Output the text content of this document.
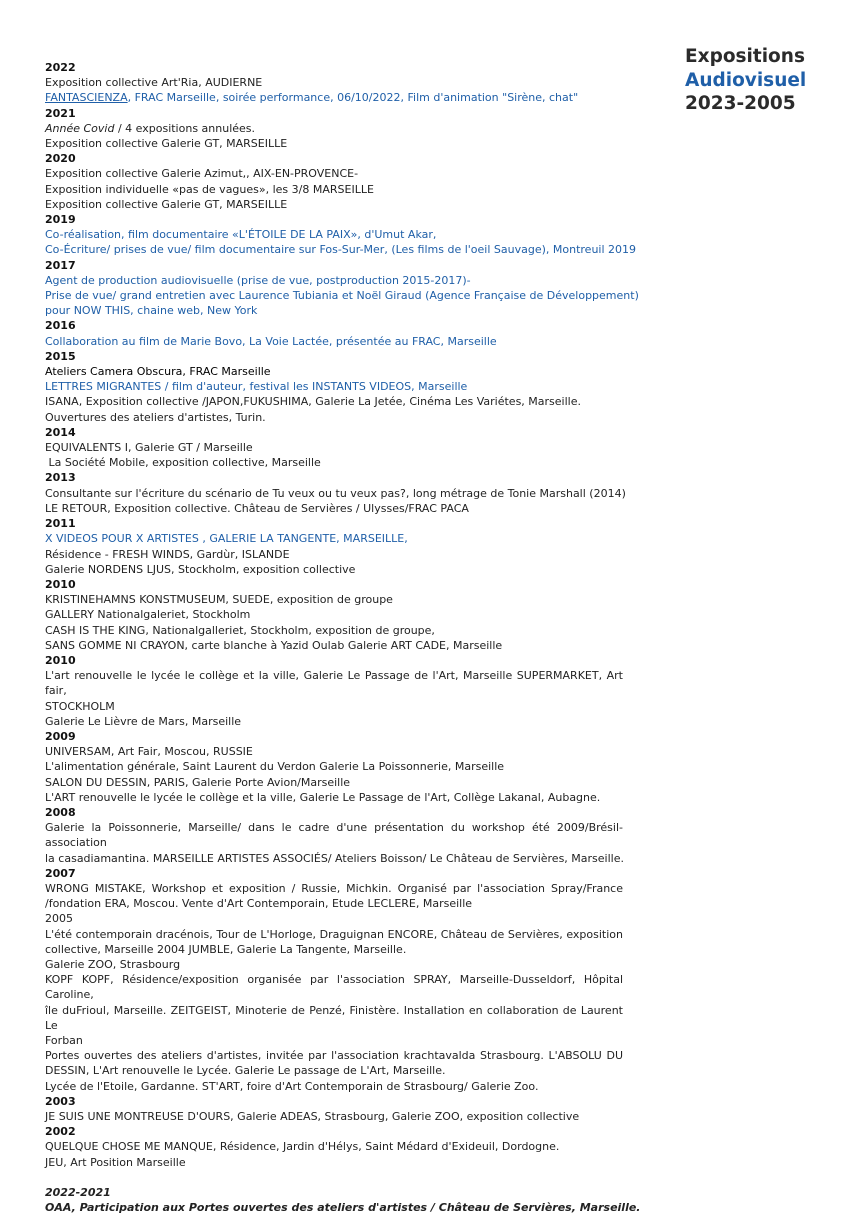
Expositions
Audiovisuel
2023-2005
2022
Exposition collective Art'Ria, AUDIERNE
FANTASCIENZA, FRAC Marseille, soirée performance, 06/10/2022, Film d'animation "Sirène, chat"
2021
Année Covid / 4 expositions annulées.
Exposition collective Galerie GT, MARSEILLE
2020
Exposition collective Galerie Azimut,, AIX-EN-PROVENCE-
Exposition individuelle «pas de vagues», les 3/8 MARSEILLE
Exposition collective Galerie GT, MARSEILLE
2019
Co-réalisation, film documentaire «L'ÉTOILE DE LA PAIX», d'Umut Akar,
Co-Écriture/ prises de vue/ film documentaire sur Fos-Sur-Mer, (Les films de l'oeil Sauvage), Montreuil 2019
2017
Agent de production audiovisuelle (prise de vue, postproduction 2015-2017)-
Prise de vue/ grand entretien avec Laurence Tubiania et Noël Giraud (Agence Française de Développement)
pour NOW THIS, chaine web, New York
2016
Collaboration au film de Marie Bovo, La Voie Lactée, présentée au FRAC, Marseille
2015
Ateliers Camera Obscura, FRAC Marseille
LETTRES MIGRANTES / film d'auteur, festival les INSTANTS VIDEOS, Marseille
ISANA, Exposition collective /JAPON,FUKUSHIMA, Galerie La Jetée, Cinéma Les Variétes, Marseille.
Ouvertures des ateliers d'artistes, Turin.
2014
EQUIVALENTS I, Galerie GT / Marseille
La Société Mobile, exposition collective, Marseille
2013
Consultante sur l'écriture du scénario de Tu veux ou tu veux pas?, long métrage de Tonie Marshall (2014)
LE RETOUR, Exposition collective. Château de Servières / Ulysses/FRAC PACA
2011
X VIDEOS POUR X ARTISTES , GALERIE LA TANGENTE, MARSEILLE,
Résidence - FRESH WINDS, Gardùr, ISLANDE
Galerie NORDENS LJUS, Stockholm, exposition collective
2010
KRISTINEHAMNS KONSTMUSEUM, SUEDE, exposition de groupe
GALLERY Nationalgaleriet, Stockholm
CASH IS THE KING, Nationalgalleriet, Stockholm, exposition de groupe,
SANS GOMME NI CRAYON, carte blanche à Yazid Oulab Galerie ART CADE, Marseille
2010
L'art renouvelle le lycée le collège et la ville, Galerie Le Passage de l'Art, Marseille SUPERMARKET, Art fair,
STOCKHOLM
Galerie Le Lièvre de Mars, Marseille
2009
UNIVERSAM, Art Fair, Moscou, RUSSIE
L'alimentation générale, Saint Laurent du Verdon Galerie La Poissonnerie, Marseille
SALON DU DESSIN, PARIS, Galerie Porte Avion/Marseille
L'ART renouvelle le lycée le collège et la ville, Galerie Le Passage de l'Art, Collège Lakanal, Aubagne.
2008
Galerie la Poissonnerie, Marseille/ dans le cadre d'une présentation du workshop été 2009/Brésil- association
la casadiamantina. MARSEILLE ARTISTES ASSOCIÉS/ Ateliers Boisson/ Le Château de Servières, Marseille.
2007
WRONG MISTAKE, Workshop et exposition / Russie, Michkin. Organisé par l'association Spray/France
/fondation ERA, Moscou. Vente d'Art Contemporain, Etude LECLERE, Marseille
2005
L'été contemporain dracénois, Tour de L'Horloge, Draguignan ENCORE, Château de Servières, exposition
collective, Marseille 2004 JUMBLE, Galerie La Tangente, Marseille.
Galerie ZOO, Strasbourg
KOPF KOPF, Résidence/exposition organisée par l'association SPRAY, Marseille-Dusseldorf, Hôpital Caroline,
île duFrioul, Marseille. ZEITGEIST, Minoterie de Penzé, Finistère. Installation en collaboration de Laurent Le
Forban
Portes ouvertes des ateliers d'artistes, invitée par l'association krachtavalda Strasbourg. L'ABSOLU DU
DESSIN, L'Art renouvelle le Lycée. Galerie Le passage de L'Art, Marseille.
Lycée de l'Etoile, Gardanne. ST'ART, foire d'Art Contemporain de Strasbourg/ Galerie Zoo.
2003
JE SUIS UNE MONTREUSE D'OURS, Galerie ADEAS, Strasbourg, Galerie ZOO, exposition collective
2002
QUELQUE CHOSE ME MANQUE, Résidence, Jardin d'Hélys, Saint Médard d'Exideuil, Dordogne.
JEU, Art Position Marseille
2022-2021
OAA, Participation aux Portes ouvertes des ateliers d'artistes / Château de Servières, Marseille.
